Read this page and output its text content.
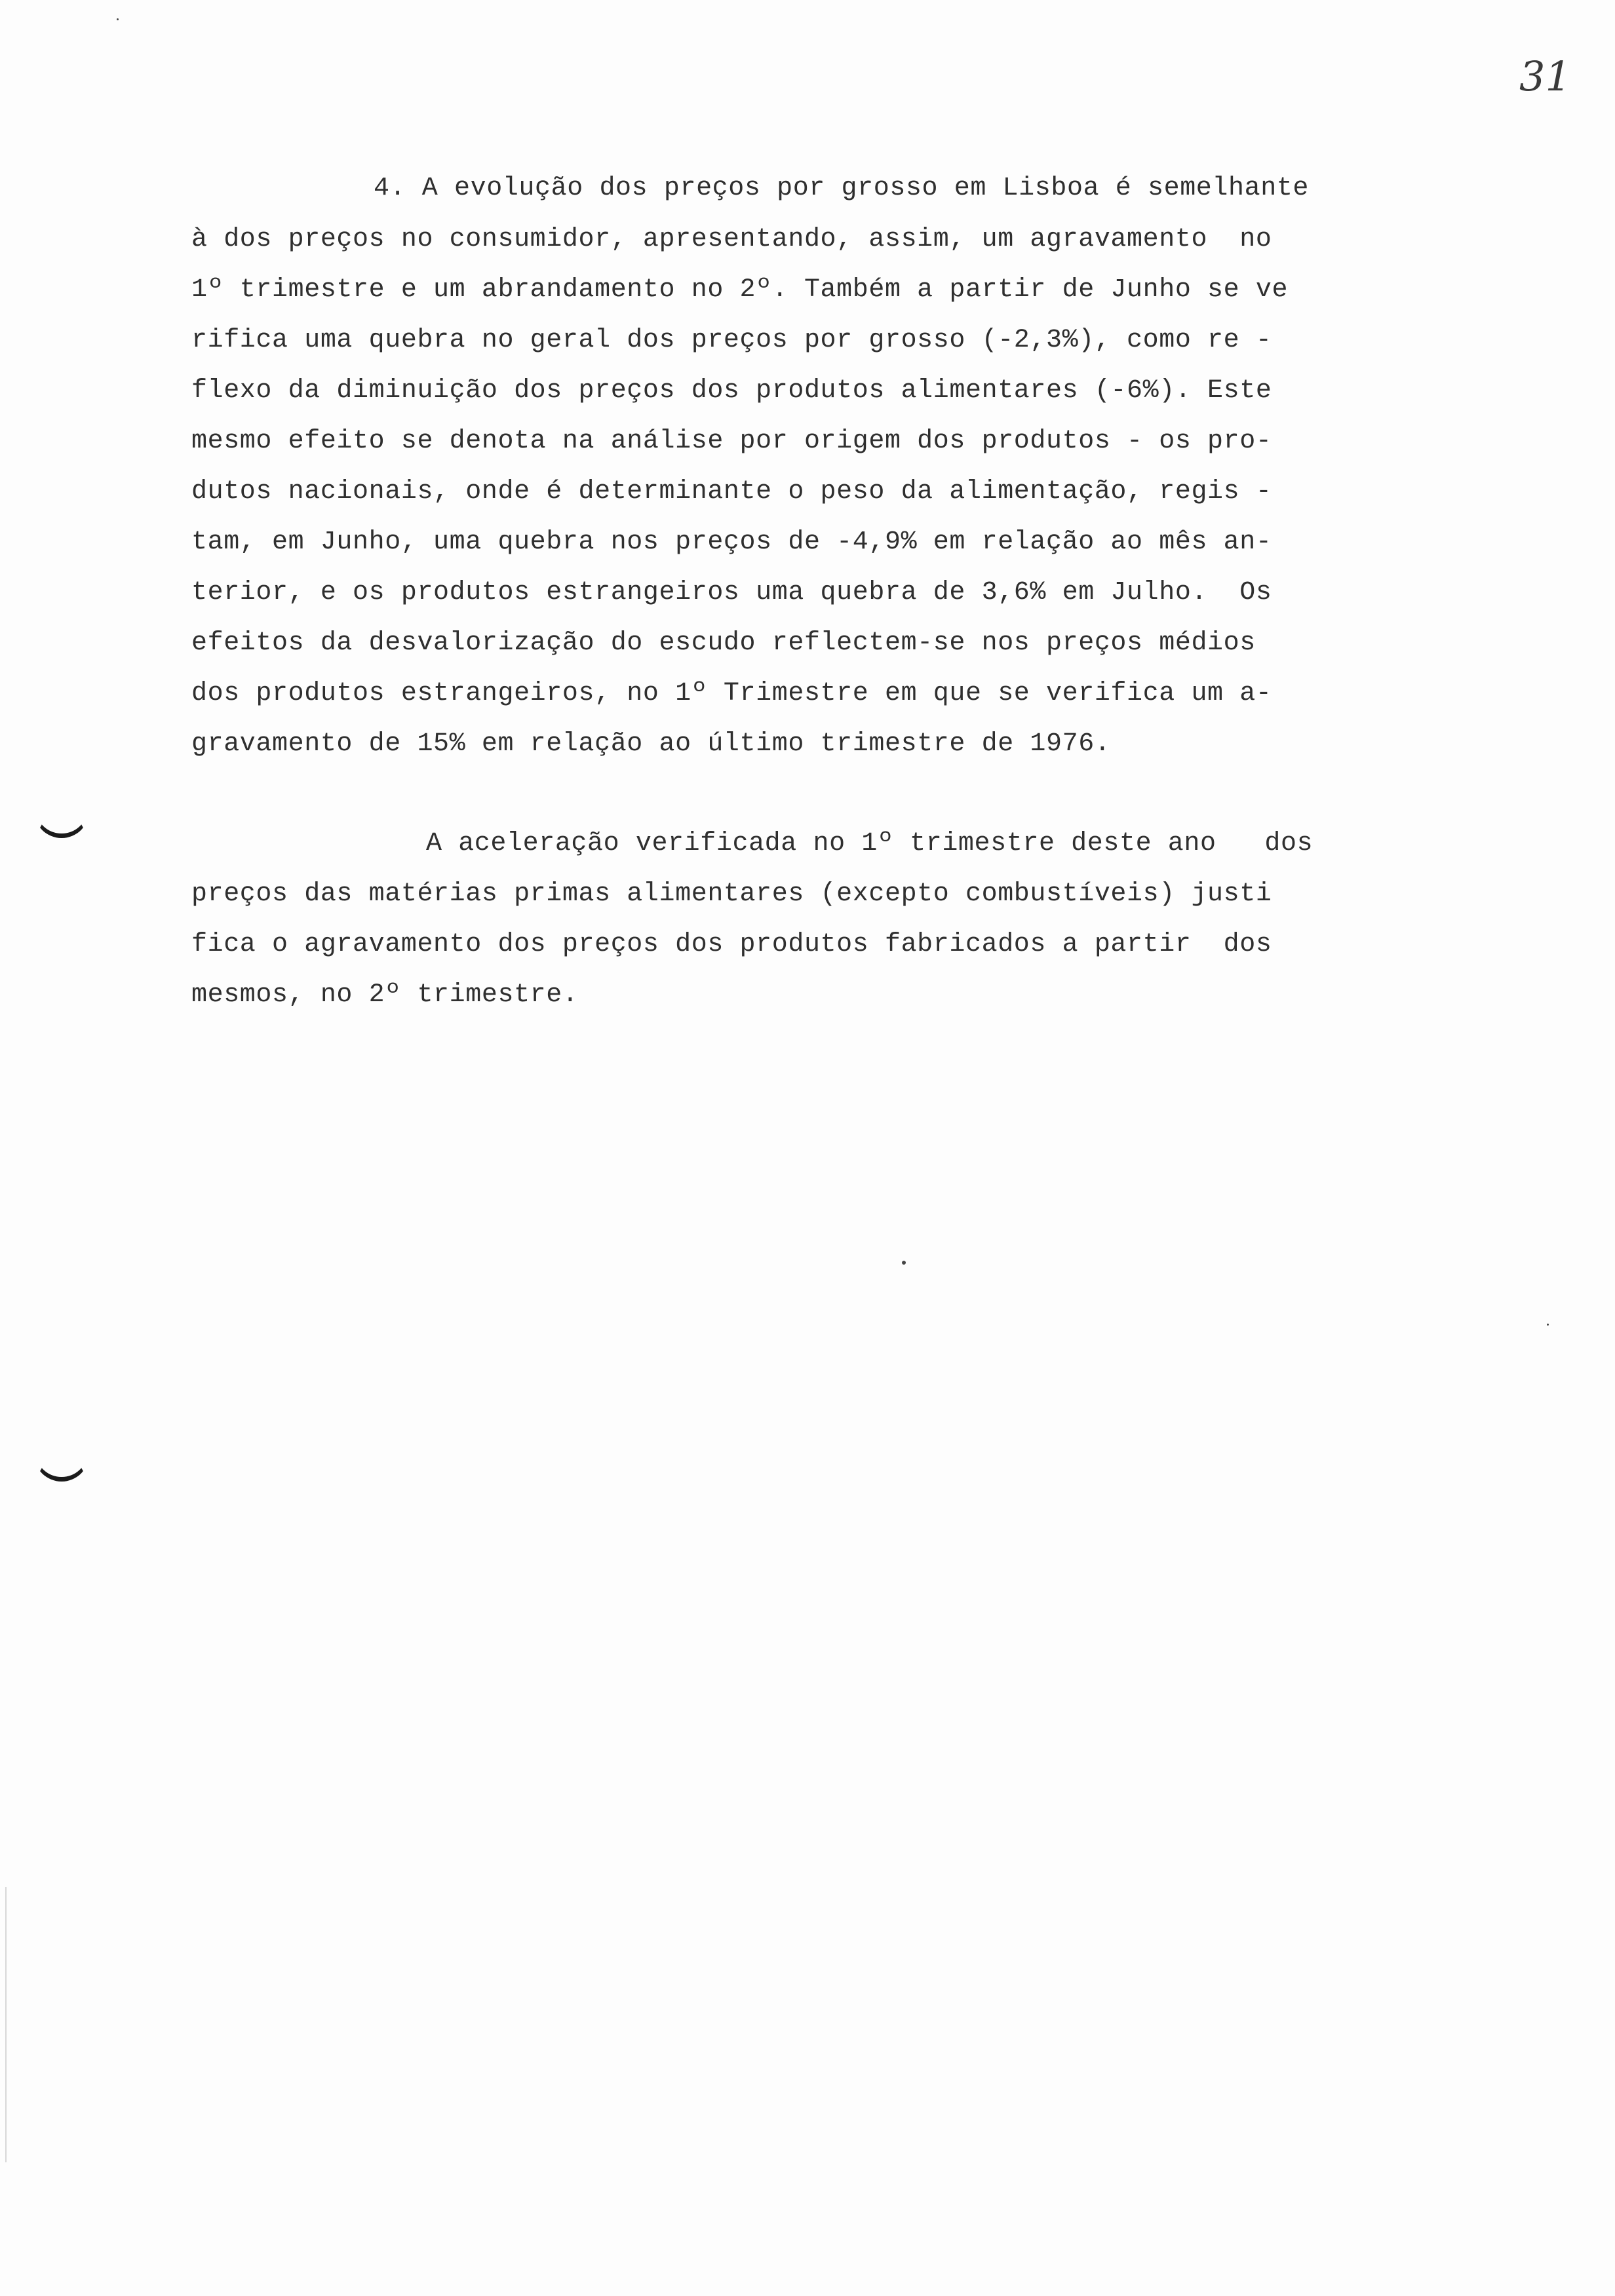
31
4. A evolução dos preços por grosso em Lisboa é semelhante
à dos preços no consumidor, apresentando, assim, um agravamento  no
1º trimestre e um abrandamento no 2º. Também a partir de Junho se ve
rifica uma quebra no geral dos preços por grosso (-2,3%), como re -
flexo da diminuição dos preços dos produtos alimentares (-6%). Este
mesmo efeito se denota na análise por origem dos produtos - os pro-
dutos nacionais, onde é determinante o peso da alimentação, regis -
tam, em Junho, uma quebra nos preços de -4,9% em relação ao mês an-
terior, e os produtos estrangeiros uma quebra de 3,6% em Julho.  Os
efeitos da desvalorização do escudo reflectem-se nos preços médios
dos produtos estrangeiros, no 1º Trimestre em que se verifica um a-
gravamento de 15% em relação ao último trimestre de 1976.
A aceleração verificada no 1º trimestre deste ano   dos
preços das matérias primas alimentares (excepto combustíveis) justi
fica o agravamento dos preços dos produtos fabricados a partir  dos
mesmos, no 2º trimestre.
